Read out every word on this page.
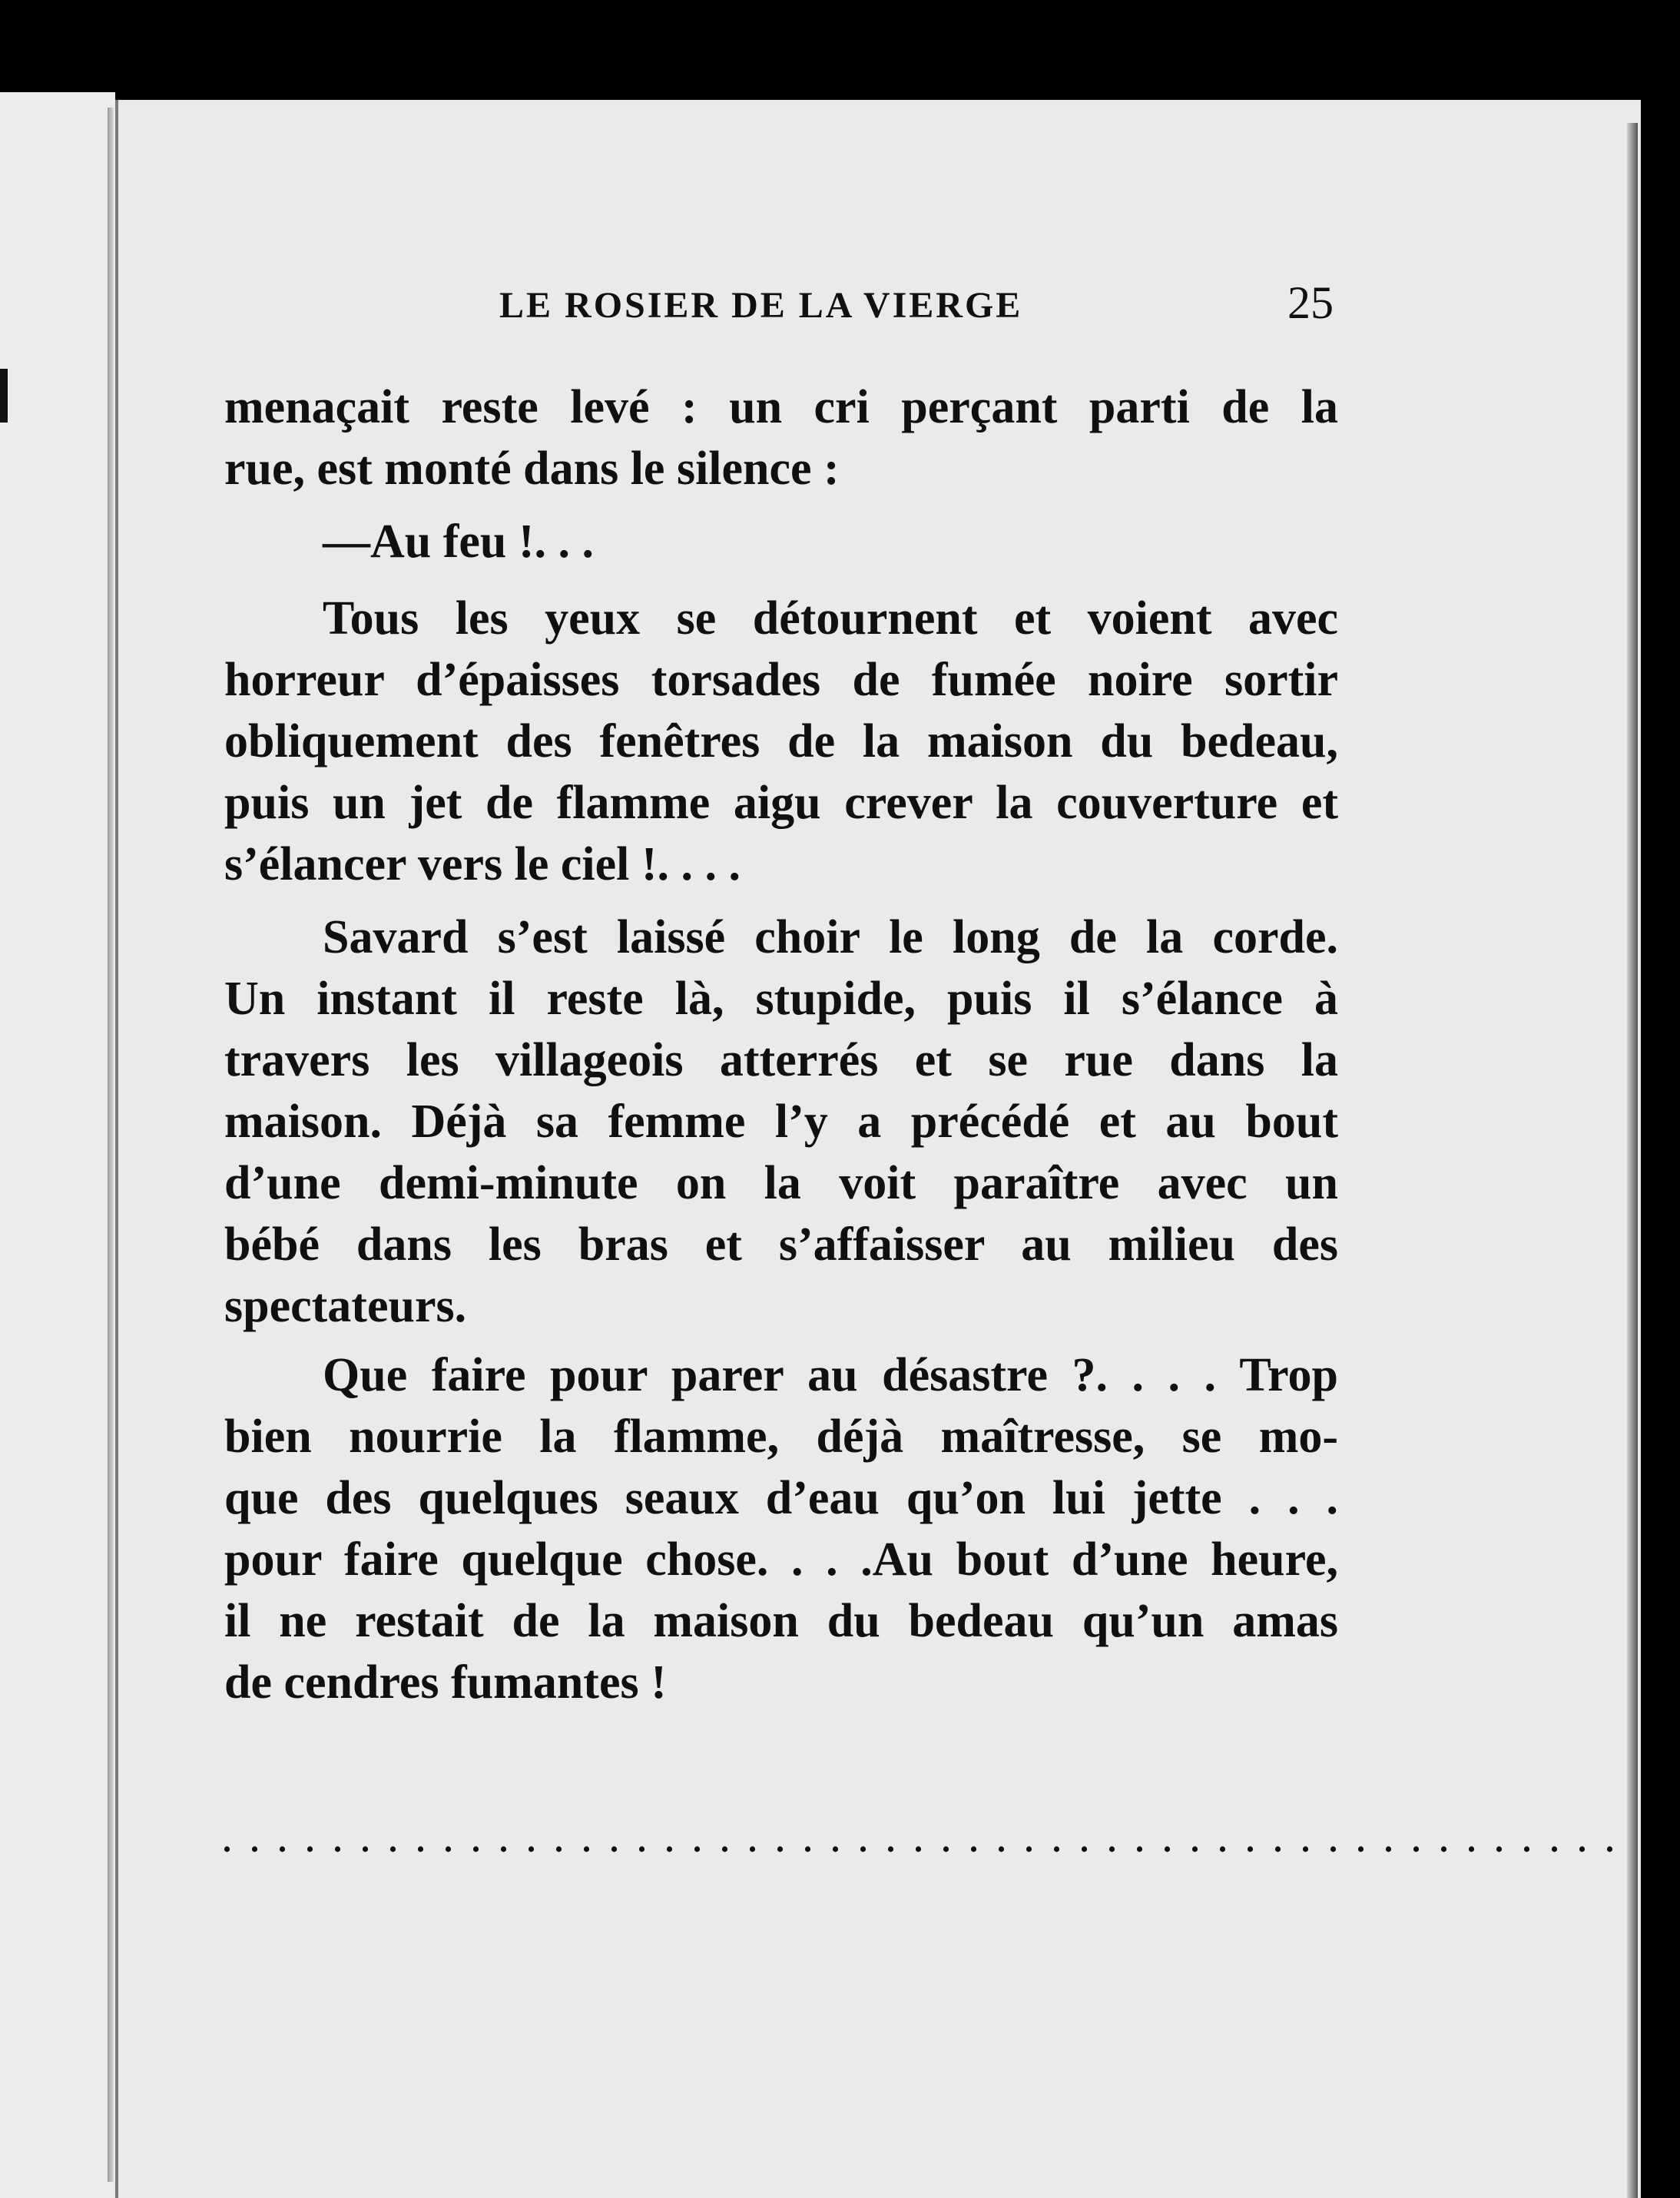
LE ROSIER DE LA VIERGE	25
menaçait reste levé : un cri perçant parti de la
rue, est monté dans le silence :
—Au feu !. . .
Tous les yeux se détournent et voient avec
horreur d’épaisses torsades de fumée noire sortir
obliquement des fenêtres de la maison du bedeau,
puis un jet de flamme aigu crever la couverture et
s’élancer vers le ciel !. . . .
Savard s’est laissé choir le long de la corde.
Un instant il reste là, stupide, puis il s’élance à
travers les villageois atterrés et se rue dans la
maison. Déjà sa femme l’y a précédé et au bout
d’une demi-minute on la voit paraître avec un
bébé dans les bras et s’affaisser au milieu des
spectateurs.
Que faire pour parer au désastre ?. . . . Trop
bien nourrie la flamme, déjà maîtresse, se mo-
que des quelques seaux d’eau qu’on lui jette . . .
pour faire quelque chose. . . .Au bout d’une heure,
il ne restait de la maison du bedeau qu’un amas
de cendres fumantes !
. . . . . . . . . . . . . . . . . . . . . . . . . . . . . . . . . . . . . . . . . . . . . . . . . . .
